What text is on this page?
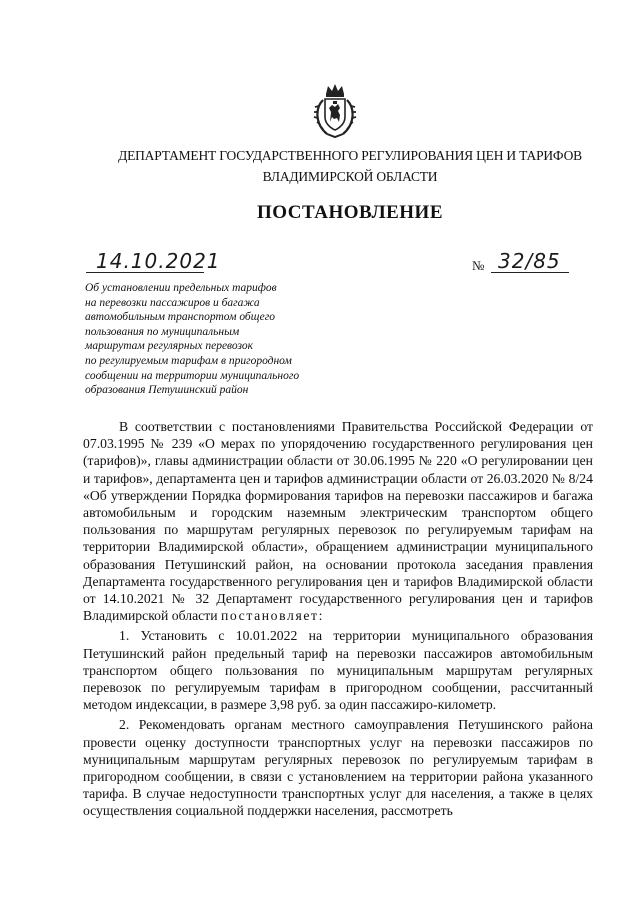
ДЕПАРТАМЕНТ ГОСУДАРСТВЕННОГО РЕГУЛИРОВАНИЯ ЦЕН И ТАРИФОВ
ВЛАДИМИРСКОЙ ОБЛАСТИ
ПОСТАНОВЛЕНИЕ
14.10.2021	№ 32/85
Об установлении предельных тарифов
на перевозки пассажиров и багажа
автомобильным транспортом общего
пользования по муниципальным
маршрутам регулярных перевозок
по регулируемым тарифам в пригородном
сообщении на территории муниципального
образования Петушинский район

В соответствии с постановлениями Правительства Российской Федерации от 07.03.1995 № 239 «О мерах по упорядочению государственного регулирования цен (тарифов)», главы администрации области от 30.06.1995 № 220 «О регулировании цен и тарифов», департамента цен и тарифов администрации области от 26.03.2020 № 8/24 «Об утверждении Порядка формирования тарифов на перевозки пассажиров и багажа автомобильным и городским наземным электрическим транспортом общего пользования по маршрутам регулярных перевозок по регулируемым тарифам на территории Владимирской области», обращением администрации муниципального образования Петушинский район, на основании протокола заседания правления Департамента государственного регулирования цен и тарифов Владимирской области от 14.10.2021 № 32 Департамент государственного регулирования цен и тарифов Владимирской области постановляет:

1. Установить с 10.01.2022 на территории муниципального образования Петушинский район предельный тариф на перевозки пассажиров автомобильным транспортом общего пользования по муниципальным маршрутам регулярных перевозок по регулируемым тарифам в пригородном сообщении, рассчитанный методом индексации, в размере 3,98 руб. за один пассажиро-километр.

2. Рекомендовать органам местного самоуправления Петушинского района провести оценку доступности транспортных услуг на перевозки пассажиров по муниципальным маршрутам регулярных перевозок по регулируемым тарифам в пригородном сообщении, в связи с установлением на территории района указанного тарифа. В случае недоступности транспортных услуг для населения, а также в целях осуществления социальной поддержки населения, рассмотреть
